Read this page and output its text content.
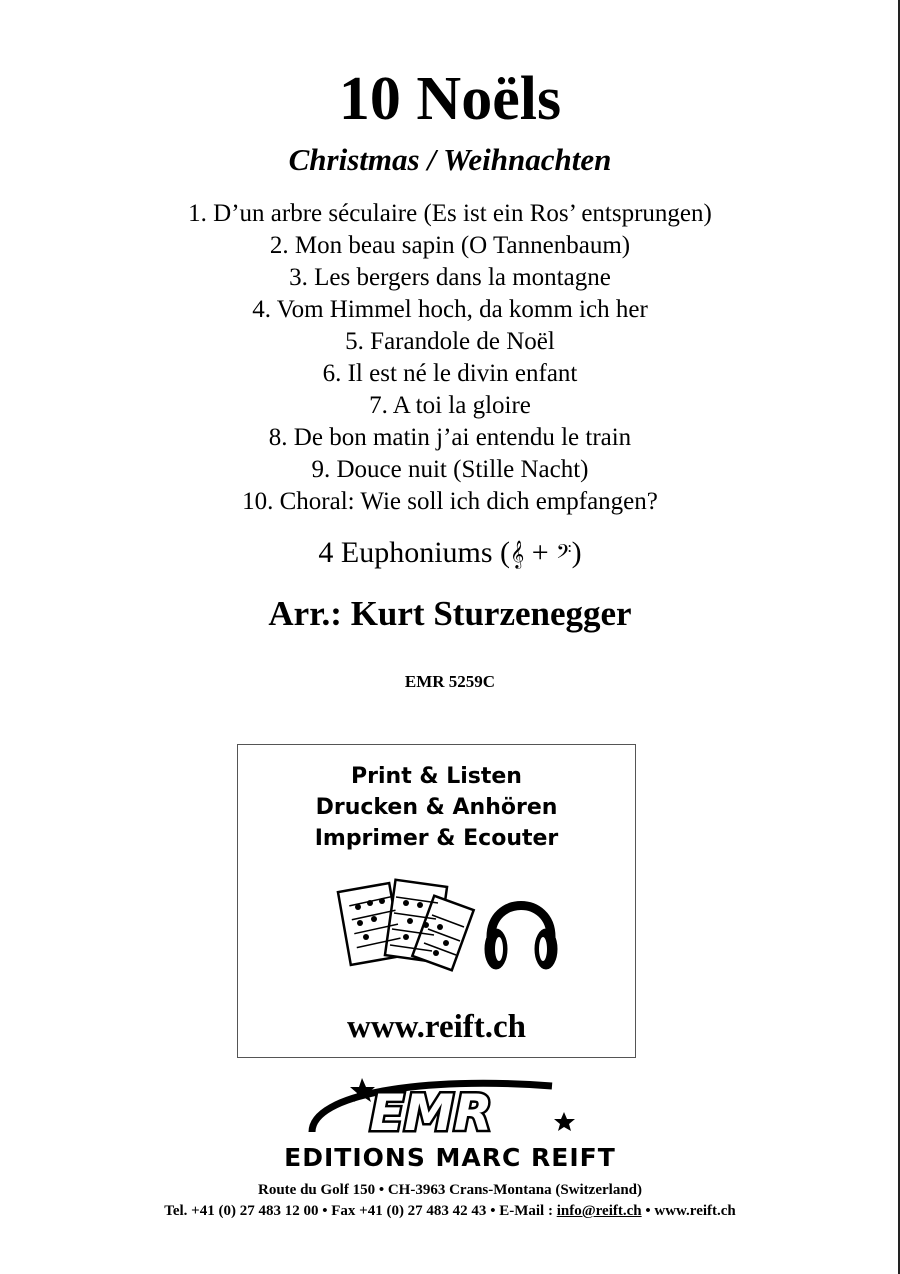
10 Noëls
Christmas / Weihnachten
1. D’un arbre séculaire (Es ist ein Ros’ entsprungen)
2. Mon beau sapin (O Tannenbaum)
3. Les bergers dans la montagne
4. Vom Himmel hoch, da komm ich her
5. Farandole de Noël
6. Il est né le divin enfant
7. A toi la gloire
8. De bon matin j’ai entendu le train
9. Douce nuit (Stille Nacht)
10. Choral: Wie soll ich dich empfangen?
4 Euphoniums (𝄞 + 𝄢)
Arr.: Kurt Sturzenegger
EMR 5259C
Print & Listen
Drucken & Anhören
Imprimer & Ecouter
www.reift.ch
EMR
EDITIONS MARC REIFT
Route du Golf 150 • CH-3963 Crans-Montana (Switzerland)
Tel. +41 (0) 27 483 12 00 • Fax +41 (0) 27 483 42 43 • E-Mail : info@reift.ch • www.reift.ch
